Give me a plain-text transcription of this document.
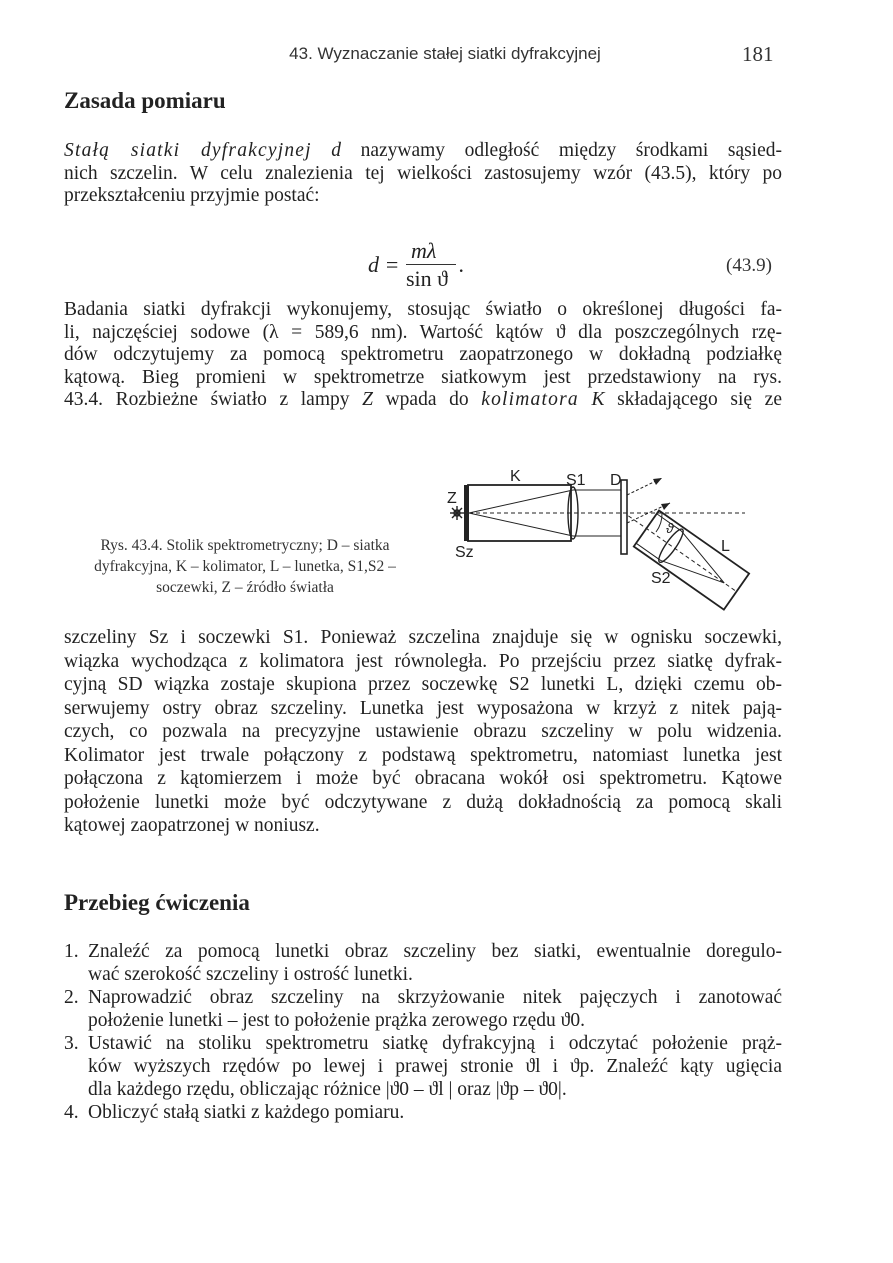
43. Wyznaczanie stałej siatki dyfrakcyjnej	181
Zasada pomiaru
Stałą siatki dyfrakcyjnej d nazywamy odległość między środkami sąsied-
nich szczelin. W celu znalezienia tej wielkości zastosujemy wzór (43.5), który po
przekształceniu przyjmie postać:
d =
mλ
sin ϑ
.	(43.9)
Badania siatki dyfrakcji wykonujemy, stosując światło o określonej długości fa-
li, najczęściej sodowe (λ = 589,6 nm). Wartość kątów ϑ dla poszczególnych rzę-
dów odczytujemy za pomocą spektrometru zaopatrzonego w dokładną podziałkę
kątową. Bieg promieni w spektrometrze siatkowym jest przedstawiony na rys.
43.4. Rozbieżne światło z lampy Z wpada do kolimatora K składającego się ze
Rys. 43.4. Stolik spektrometryczny; D – siatka
dyfrakcyjna, K – kolimator, L – lunetka, S1,S2 –
soczewki, Z – źródło światła
K	S1 D
Z
Sz	L
S2
ϑ
szczeliny Sz i soczewki S1. Ponieważ szczelina znajduje się w ognisku soczewki,
wiązka wychodząca z kolimatora jest równoległa. Po przejściu przez siatkę dyfrak-
cyjną SD wiązka zostaje skupiona przez soczewkę S2 lunetki L, dzięki czemu ob-
serwujemy ostry obraz szczeliny. Lunetka jest wyposażona w krzyż z nitek pają-
czych, co pozwala na precyzyjne ustawienie obrazu szczeliny w polu widzenia.
Kolimator jest trwale połączony z podstawą spektrometru, natomiast lunetka jest
połączona z kątomierzem i może być obracana wokół osi spektrometru. Kątowe
położenie lunetki może być odczytywane z dużą dokładnością za pomocą skali
kątowej zaopatrzonej w noniusz.
Przebieg ćwiczenia
1. Znaleźć za pomocą lunetki obraz szczeliny bez siatki, ewentualnie doregulo-
wać szerokość szczeliny i ostrość lunetki.
2. Naprowadzić obraz szczeliny na skrzyżowanie nitek pajęczych i zanotować
położenie lunetki – jest to położenie prążka zerowego rzędu ϑ0.
3. Ustawić na stoliku spektrometru siatkę dyfrakcyjną i odczytać położenie prąż-
ków wyższych rzędów po lewej i prawej stronie ϑl i ϑp. Znaleźć kąty ugięcia
dla każdego rzędu, obliczając różnice |ϑ0 – ϑl | oraz |ϑp – ϑ0|.
4. Obliczyć stałą siatki z każdego pomiaru.
